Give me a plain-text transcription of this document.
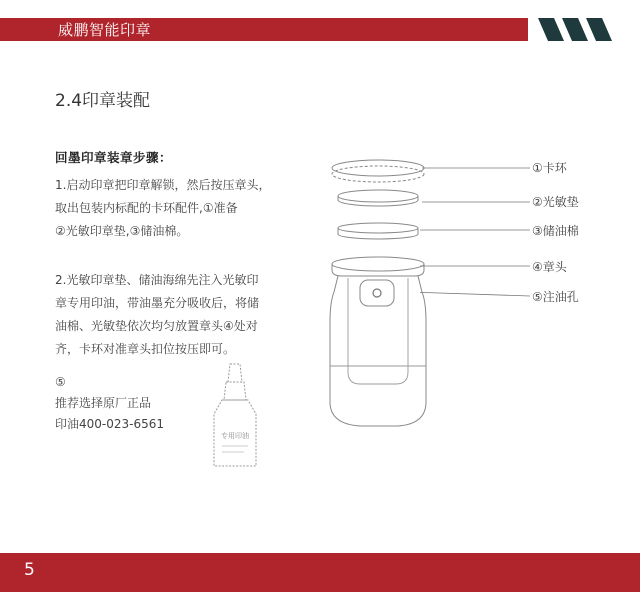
威鹏智能印章
2.4印章装配
回墨印章装章步骤：
1.启动印章把印章解锁，然后按压章头，
取出包装内标配的卡环配件,①准备
②光敏印章垫,③储油棉。
2.光敏印章垫、储油海绵先注入光敏印
章专用印油，带油墨充分吸收后，将储
油棉、光敏垫依次均匀放置章头④处对
齐，卡环对准章头扣位按压即可。
⑤
推荐选择原厂正品
印油400-023-6561
专用印油
①卡环
②光敏垫
③储油棉
④章头
⑤注油孔
5
